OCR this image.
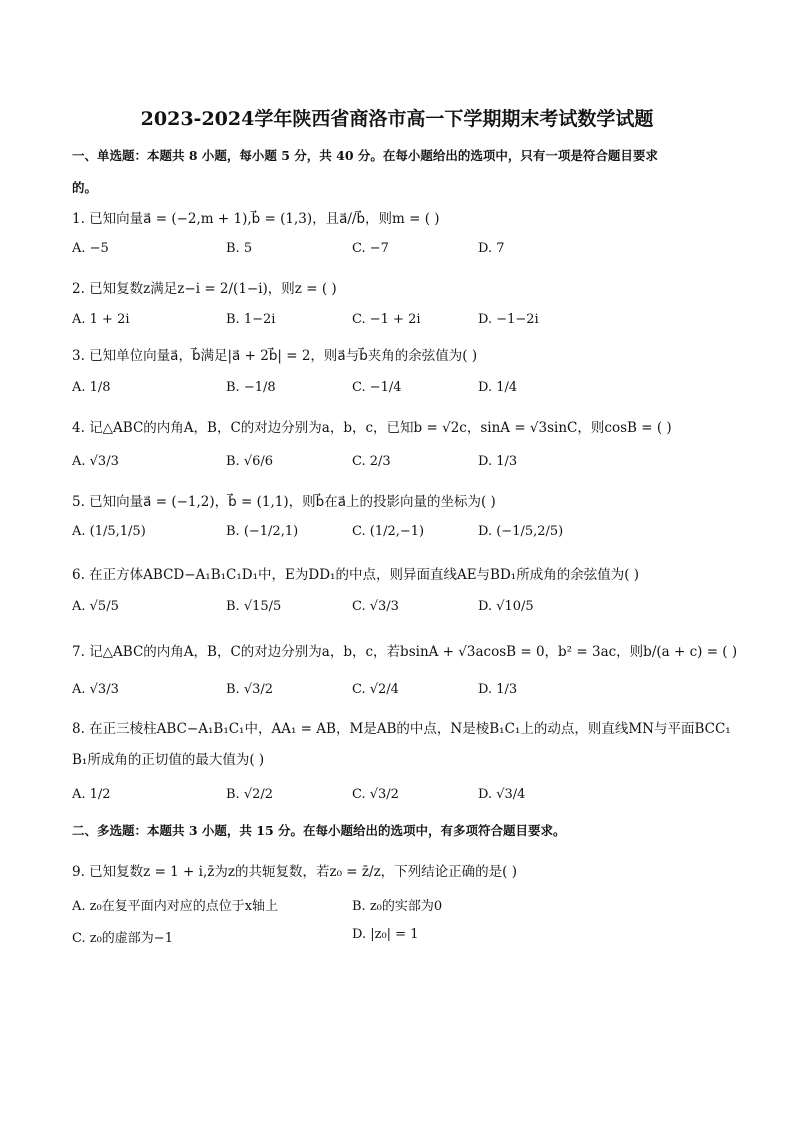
2023-2024学年陕西省商洛市高一下学期期末考试数学试题
一、单选题：本题共 8 小题，每小题 5 分，共 40 分。在每小题给出的选项中，只有一项是符合题目要求
的。
1. 已知向量a⃗ = (−2,m + 1),b⃗ = (1,3)，且a⃗//b⃗，则m = ( )
A. −5	B. 5	C. −7	D. 7
2. 已知复数z满足z−i = 2/(1−i)，则z = ( )
A. 1 + 2i	B. 1−2i	C. −1 + 2i	D. −1−2i
3. 已知单位向量a⃗，b⃗满足|a⃗ + 2b⃗| = 2，则a⃗与b⃗夹角的余弦值为( )
A. 1/8	B. −1/8	C. −1/4	D. 1/4
4. 记△ABC的内角A，B，C的对边分别为a，b，c，已知b = √2c，sinA = √3sinC，则cosB = ( )
A. √3/3	B. √6/6	C. 2/3	D. 1/3
5. 已知向量a⃗ = (−1,2)，b⃗ = (1,1)，则b⃗在a⃗上的投影向量的坐标为( )
A. (1/5,1/5)	B. (−1/2,1)	C. (1/2,−1)	D. (−1/5,2/5)
6. 在正方体ABCD−A₁B₁C₁D₁中，E为DD₁的中点，则异面直线AE与BD₁所成角的余弦值为( )
A. √5/5	B. √15/5	C. √3/3	D. √10/5
7. 记△ABC的内角A，B，C的对边分别为a，b，c，若bsinA + √3acosB = 0，b² = 3ac，则b/(a + c) = ( )
A. √3/3	B. √3/2	C. √2/4	D. 1/3
8. 在正三棱柱ABC−A₁B₁C₁中，AA₁ = AB，M是AB的中点，N是棱B₁C₁上的动点，则直线MN与平面BCC₁
B₁所成角的正切值的最大值为( )
A. 1/2	B. √2/2	C. √3/2	D. √3/4
二、多选题：本题共 3 小题，共 15 分。在每小题给出的选项中，有多项符合题目要求。
9. 已知复数z = 1 + i,z̄为z的共轭复数，若z₀ = z̄/z，下列结论正确的是( )
A. z₀在复平面内对应的点位于x轴上	B. z₀的实部为0
C. z₀的虚部为−1	D. |z₀| = 1
